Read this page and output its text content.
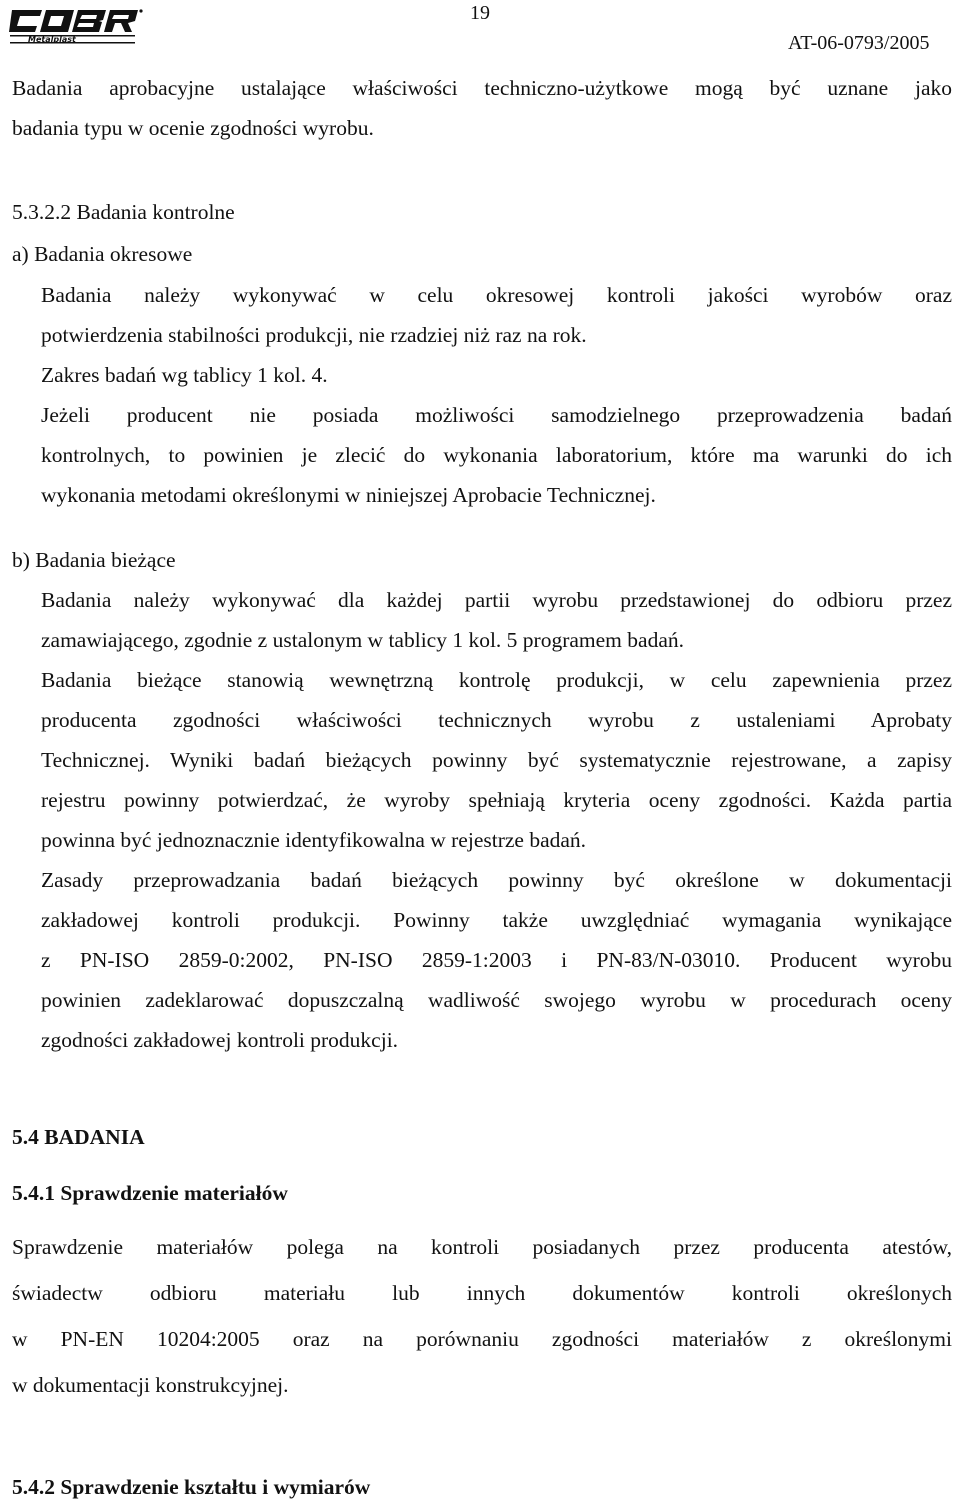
Metalplast
19
AT-06-0793/2005
Badania aprobacyjne ustalające właściwości techniczno-użytkowe mogą być uznane jako
badania typu w ocenie zgodności wyrobu.
5.3.2.2 Badania kontrolne
a) Badania okresowe
Badania należy wykonywać w celu okresowej kontroli jakości wyrobów oraz
potwierdzenia stabilności produkcji, nie rzadziej niż raz na rok.
Zakres badań wg tablicy 1 kol. 4.
Jeżeli producent nie posiada możliwości samodzielnego przeprowadzenia badań
kontrolnych, to powinien je zlecić do wykonania laboratorium, które ma warunki do ich
wykonania metodami określonymi w niniejszej Aprobacie Technicznej.
b) Badania bieżące
Badania należy wykonywać dla każdej partii wyrobu przedstawionej do odbioru przez
zamawiającego, zgodnie z ustalonym w tablicy 1 kol. 5 programem badań.
Badania bieżące stanowią wewnętrzną kontrolę produkcji, w celu zapewnienia przez
producenta zgodności właściwości technicznych wyrobu z ustaleniami Aprobaty
Technicznej. Wyniki badań bieżących powinny być systematycznie rejestrowane, a zapisy
rejestru powinny potwierdzać, że wyroby spełniają kryteria oceny zgodności. Każda partia
powinna być jednoznacznie identyfikowalna w rejestrze badań.
Zasady przeprowadzania badań bieżących powinny być określone w dokumentacji
zakładowej kontroli produkcji. Powinny także uwzględniać wymagania wynikające
z PN-ISO 2859-0:2002, PN-ISO 2859-1:2003 i PN-83/N-03010. Producent wyrobu
powinien zadeklarować dopuszczalną wadliwość swojego wyrobu w procedurach oceny
zgodności zakładowej kontroli produkcji.
5.4 BADANIA
5.4.1 Sprawdzenie materiałów
Sprawdzenie materiałów polega na kontroli posiadanych przez producenta atestów,
świadectw odbioru materiału lub innych dokumentów kontroli określonych
w PN-EN 10204:2005 oraz na porównaniu zgodności materiałów z określonymi
w dokumentacji konstrukcyjnej.
5.4.2 Sprawdzenie kształtu i wymiarów
